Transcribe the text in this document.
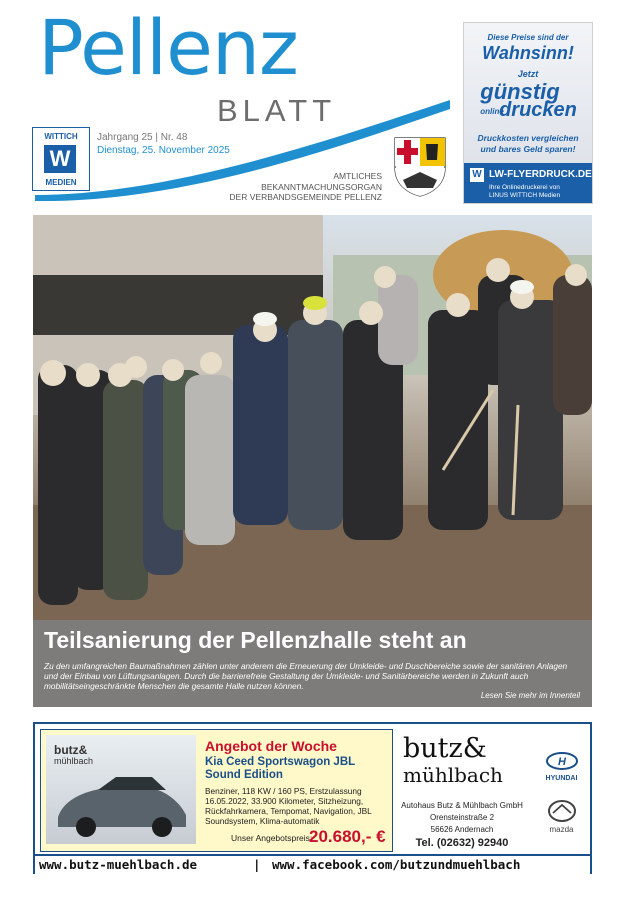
Pellenz
BLATT
WITTICH
W
MEDIEN
Jahrgang 25 | Nr. 48
Dienstag, 25. November 2025
AMTLICHES
BEKANNTMACHUNGSORGAN
DER VERBANDSGEMEINDE PELLENZ
Diese Preise sind der
Wahnsinn!
Jetzt
günstig
online
drucken
Druckkosten vergleichen
und bares Geld sparen!
W LW-FLYERDRUCK.DE
Ihre Onlinedruckerei von
LINUS WITTICH Medien
Teilsanierung der Pellenzhalle steht an
Zu den umfangreichen Baumaßnahmen zählen unter anderem die Erneuerung der Umkleide- und Duschbereiche sowie der sanitären Anlagen und der Einbau von Lüftungsanlagen. Durch die barrierefreie Gestaltung der Umkleide- und Sanitärbereiche werden in Zukunft auch mobilitätseingeschränkte Menschen die gesamte Halle nutzen können.
Lesen Sie mehr im Innenteil
butz&
mühlbach
Angebot der Woche
Kia Ceed Sportswagon JBL Sound Edition
Benziner, 118 KW / 160 PS, Erstzulassung 16.05.2022, 33.900 Kilometer, Sitzheizung, Rückfahrkamera, Tempomat, Navigation, JBL Soundsystem, Klima-automatik
Unser Angebotspreis:
20.680,- €
butz&
mühlbach
Autohaus Butz & Mühlbach GmbH
Orensteinstraße 2
56626 Andernach
Tel. (02632) 92940
H
HYUNDAI
mazda
www.butz-muehlbach.de	| www.facebook.com/butzundmuehlbach
